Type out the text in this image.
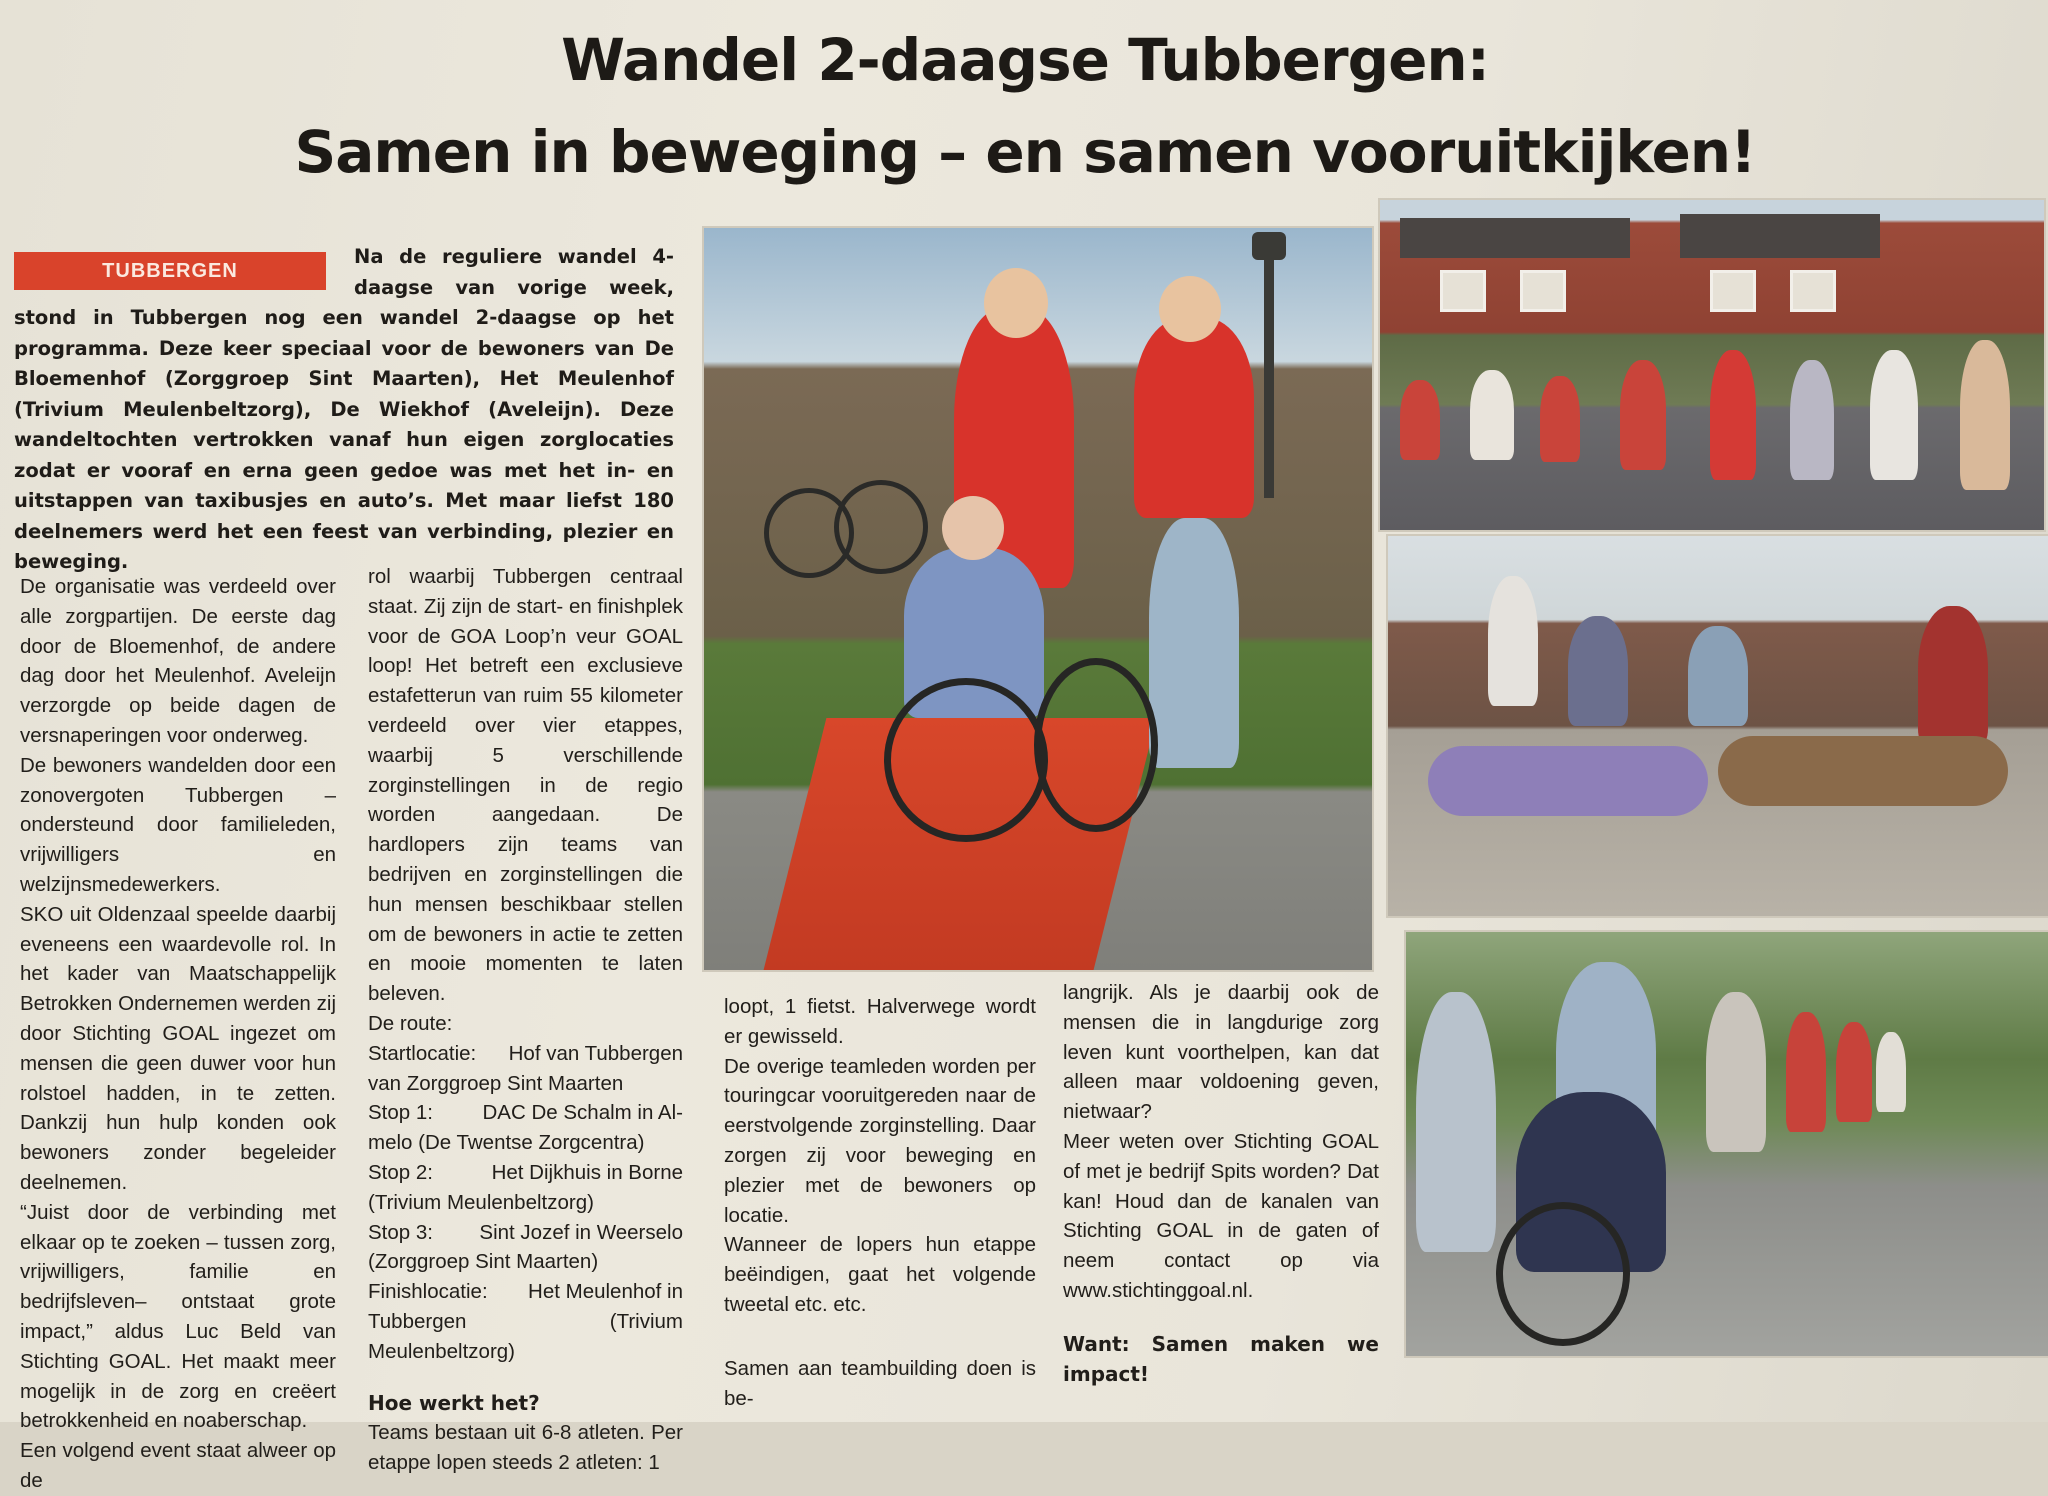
Wandel 2-daagse Tubbergen:
Samen in beweging – en samen vooruitkijken!
Na de reguliere wandel 4-daagse van vorige week, stond in Tubbergen nog een wandel 2-daagse op het programma. Deze keer speciaal voor de bewoners van De Bloemenhof (Zorggroep Sint Maarten), Het Meulenhof (Trivium Meulenbeltzorg), De Wiekhof (Aveleijn). Deze wandeltochten vertrokken vanaf hun eigen zorglocaties zodat er vooraf en erna geen gedoe was met het in- en uitstappen van taxibusjes en auto’s. Met maar liefst 180 deelnemers werd het een feest van verbinding, plezier en beweging.
TUBBERGEN

De organisatie was verdeeld over alle zorgpartijen. De eerste dag door de Bloemenhof, de andere dag door het Meulenhof. Aveleijn verzorgde op beide dagen de versnaperingen voor onderweg.

De bewoners wandelden door een zonovergoten Tubbergen – ondersteund door familieleden, vrijwilligers en welzijnsmedewerkers.

SKO uit Oldenzaal speelde daarbij eveneens een waardevolle rol. In het kader van Maatschappelijk Betrokken Ondernemen werden zij door Stichting GOAL ingezet om mensen die geen duwer voor hun rolstoel hadden, in te zetten. Dankzij hun hulp konden ook bewoners zonder begeleider deelnemen.

“Juist door de verbinding met elkaar op te zoeken – tussen zorg, vrijwilligers, familie en bedrijfsleven– ontstaat grote impact,” aldus Luc Beld van Stichting GOAL. Het maakt meer mogelijk in de zorg en creëert betrokkenheid en noaberschap.

Een volgend event staat alweer op de

rol waarbij Tubbergen centraal staat. Zij zijn de start- en finishplek voor de GOA Loop’n veur GOAL loop! Het betreft een exclusieve estafetterun van ruim 55 kilometer verdeeld over vier etappes, waarbij 5 verschillende zorginstellingen in de regio worden aangedaan. De hardlopers zijn teams van bedrijven en zorginstellingen die hun mensen beschikbaar stellen om de bewoners in actie te zetten en mooie momenten te laten beleven.

De route:

Startlocatie: Hof van Tubbergen
van Zorggroep Sint Maarten
Stop 1: DAC De Schalm in Al-
melo (De Twentse Zorgcentra)
Stop 2:	Het Dijkhuis in Borne
(Trivium Meulenbeltzorg)
Stop 3: Sint Jozef in Weerselo
(Zorggroep Sint Maarten)
Finishlocatie: Het Meulenhof in
Tubbergen (Trivium Meulenbeltzorg)

Hoe werkt het?

Teams bestaan uit 6-8 atleten. Per etappe lopen steeds 2 atleten: 1

loopt, 1 fietst. Halverwege wordt er gewisseld.

De overige teamleden worden per touringcar vooruitgereden naar de eerstvolgende zorginstelling. Daar zorgen zij voor beweging en plezier met de bewoners op locatie.

Wanneer de lopers hun etappe beëindigen, gaat het volgende tweetal etc. etc.

Samen aan teambuilding doen is be-

langrijk. Als je daarbij ook de mensen die in langdurige zorg leven kunt voorthelpen, kan dat alleen maar voldoening geven, nietwaar?

Meer weten over Stichting GOAL of met je bedrijf Spits worden? Dat kan! Houd dan de kanalen van Stichting GOAL in de gaten of neem contact op via www.stichtinggoal.nl.

Want: Samen maken we impact!
